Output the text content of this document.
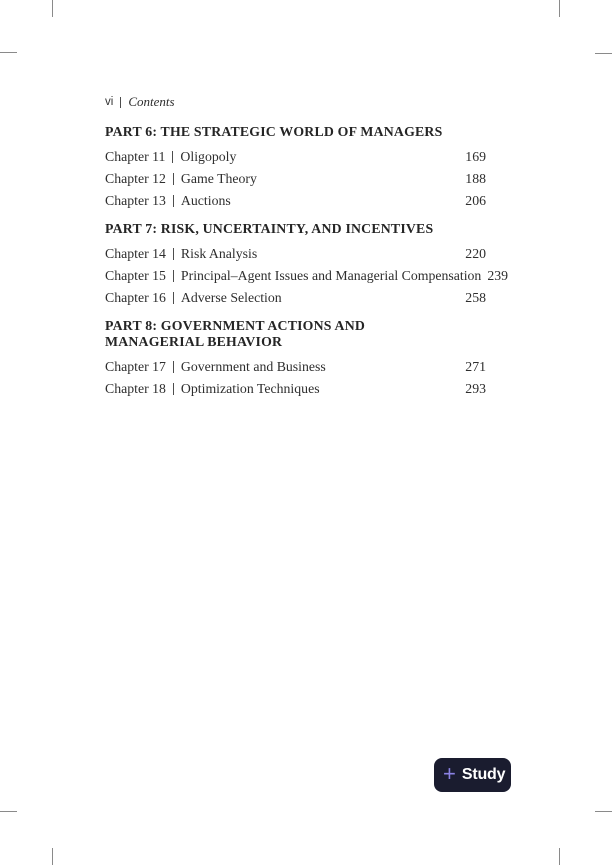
vi Contents
PART 6: THE STRATEGIC WORLD OF MANAGERS
Chapter 11 Oligopoly	169
Chapter 12 Game Theory	188
Chapter 13 Auctions	206
PART 7: RISK, UNCERTAINTY, AND INCENTIVES
Chapter 14 Risk Analysis	220
Chapter 15 Principal–Agent Issues and Managerial Compensation 239
Chapter 16 Adverse Selection	258
PART 8: GOVERNMENT ACTIONS AND
MANAGERIAL BEHAVIOR
Chapter 17 Government and Business	271
Chapter 18 Optimization Techniques	293
+ Study
